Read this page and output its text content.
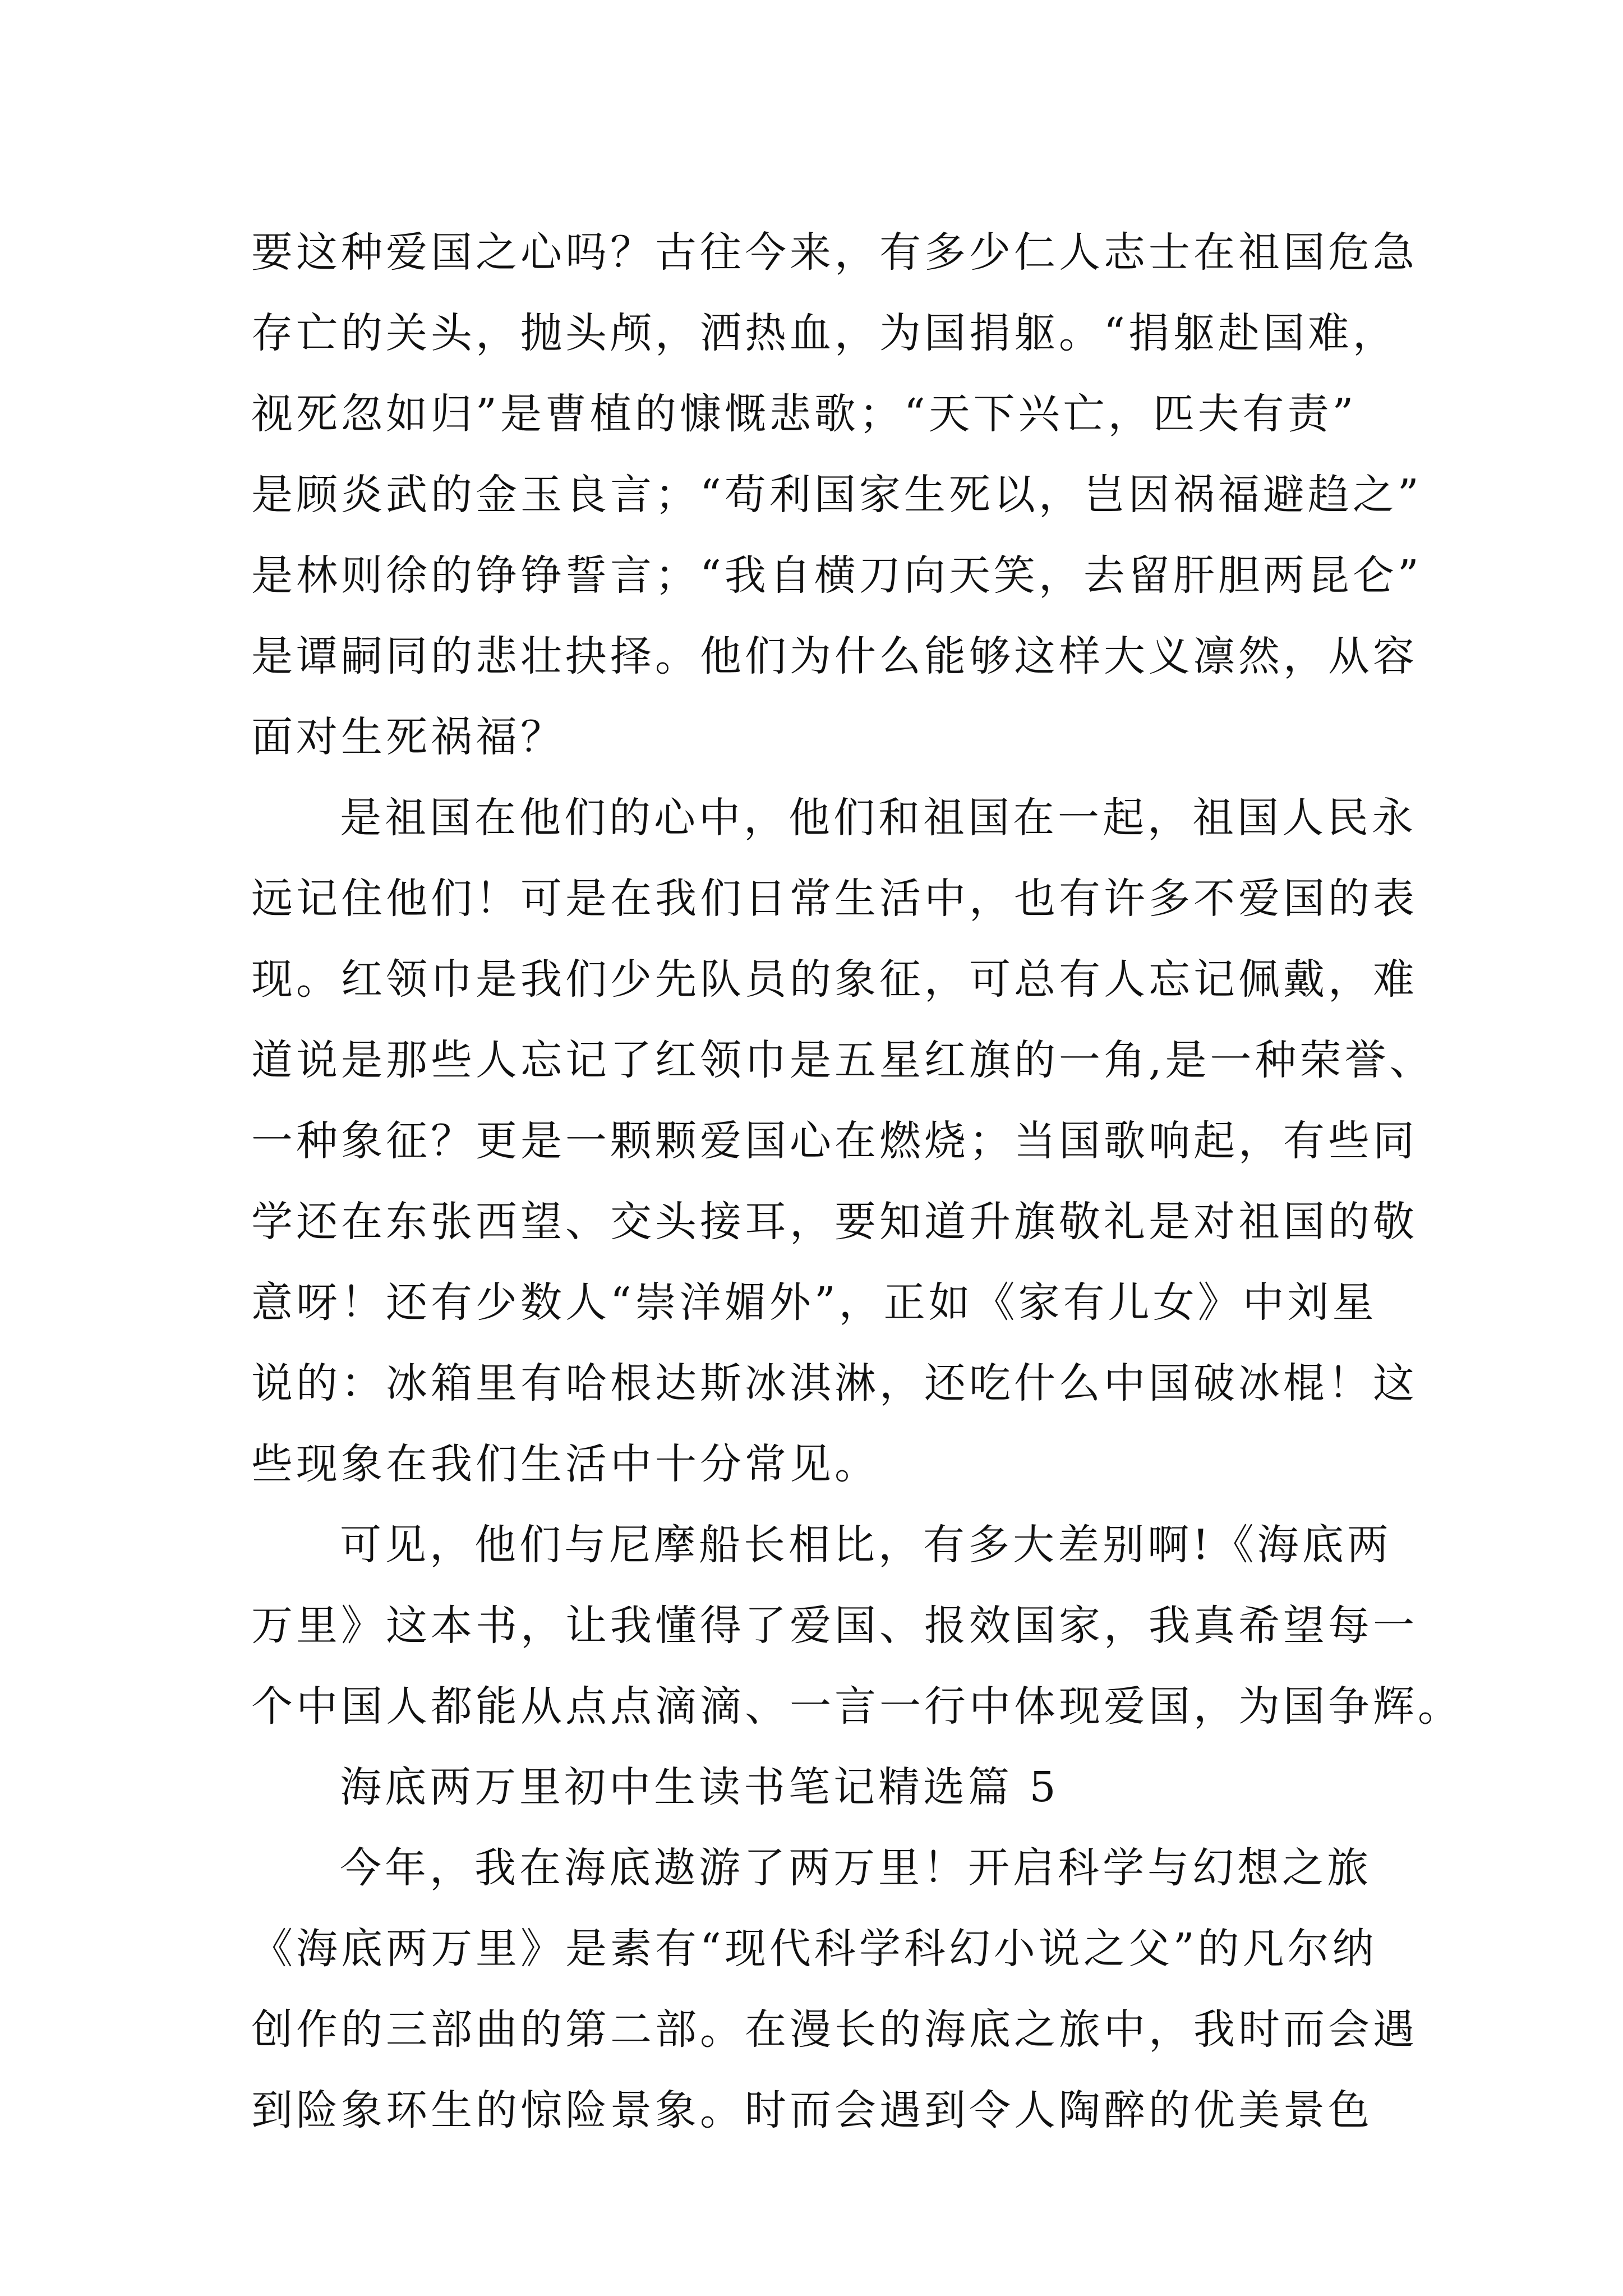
要这种爱国之心吗？古往今来，有多少仁人志士在祖国危急
存亡的关头，抛头颅，洒热血，为国捐躯。“捐躯赴国难，
视死忽如归”是曹植的慷慨悲歌；“天下兴亡，匹夫有责”
是顾炎武的金玉良言；“苟利国家生死以，岂因祸福避趋之”
是林则徐的铮铮誓言；“我自横刀向天笑，去留肝胆两昆仑”
是谭嗣同的悲壮抉择。他们为什么能够这样大义凛然，从容
面对生死祸福？
是祖国在他们的心中，他们和祖国在一起，祖国人民永
远记住他们！可是在我们日常生活中，也有许多不爱国的表
现。红领巾是我们少先队员的象征，可总有人忘记佩戴，难
道说是那些人忘记了红领巾是五星红旗的一角,是一种荣誉、
一种象征？更是一颗颗爱国心在燃烧；当国歌响起，有些同
学还在东张西望、交头接耳，要知道升旗敬礼是对祖国的敬
意呀！还有少数人“崇洋媚外”，正如《家有儿女》中刘星
说的：冰箱里有哈根达斯冰淇淋，还吃什么中国破冰棍！这
些现象在我们生活中十分常见。
可见，他们与尼摩船长相比，有多大差别啊!《海底两
万里》这本书，让我懂得了爱国、报效国家，我真希望每一
个中国人都能从点点滴滴、一言一行中体现爱国，为国争辉。
海底两万里初中生读书笔记精选篇 5
今年，我在海底遨游了两万里！开启科学与幻想之旅
《海底两万里》是素有“现代科学科幻小说之父”的凡尔纳
创作的三部曲的第二部。在漫长的海底之旅中，我时而会遇
到险象环生的惊险景象。时而会遇到令人陶醉的优美景色
